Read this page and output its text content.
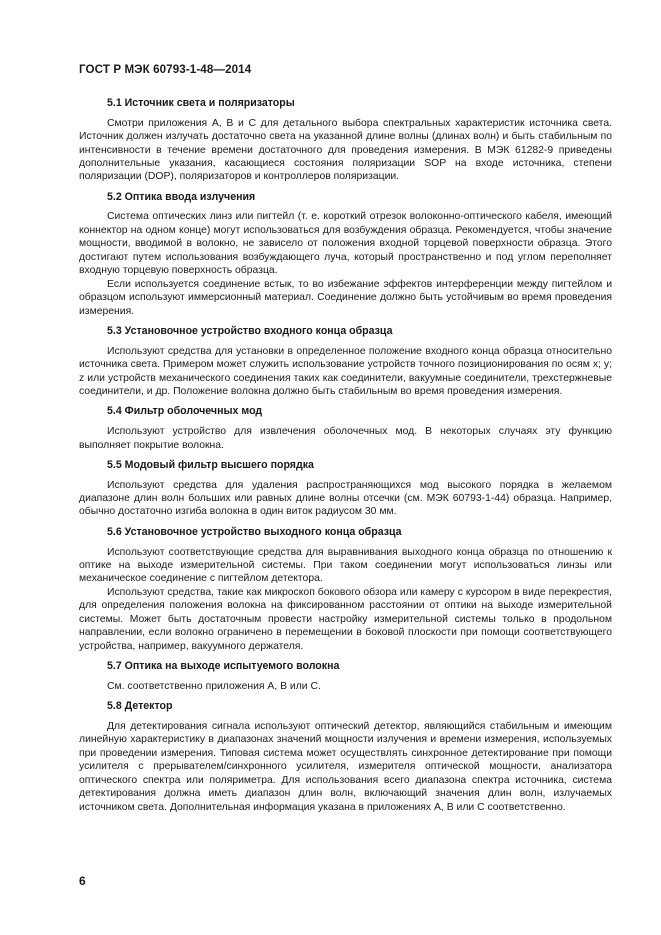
ГОСТ Р МЭК 60793-1-48—2014
5.1 Источник света и поляризаторы

Смотри приложения А, В и С для детального выбора спектральных характеристик источника света. Источник должен излучать достаточно света на указанной длине волны (длинах волн) и быть стабильным по интенсивности в течение времени достаточного для проведения измерения. В МЭК 61282-9 приведены дополнительные указания, касающиеся состояния поляризации SOP на входе источника, степени поляризации (DOP), поляризаторов и контроллеров поляризации.

5.2 Оптика ввода излучения

Система оптических линз или пигтейл (т. е. короткий отрезок волоконно-оптического кабеля, имеющий коннектор на одном конце) могут использоваться для возбуждения образца. Рекомендуется, чтобы значение мощности, вводимой в волокно, не зависело от положения входной торцевой поверхности образца. Этого достигают путем использования возбуждающего луча, который пространственно и под углом переполняет входную торцевую поверхность образца.

Если используется соединение встык, то во избежание эффектов интерференции между пигтейлом и образцом используют иммерсионный материал. Соединение должно быть устойчивым во время проведения измерения.

5.3 Установочное устройство входного конца образца

Используют средства для установки в определенное положение входного конца образца относительно источника света. Примером может служить использование устройств точного позиционирования по осям x; y; z или устройств механического соединения таких как соединители, вакуумные соединители, трехстержневые соединители, и др. Положение волокна должно быть стабильным во время проведения измерения.

5.4 Фильтр оболочечных мод

Используют устройство для извлечения оболочечных мод. В некоторых случаях эту функцию выполняет покрытие волокна.

5.5 Модовый фильтр высшего порядка

Используют средства для удаления распространяющихся мод высокого порядка в желаемом диапазоне длин волн больших или равных длине волны отсечки (см. МЭК 60793-1-44) образца. Например, обычно достаточно изгиба волокна в один виток радиусом 30 мм.

5.6 Установочное устройство выходного конца образца

Используют соответствующие средства для выравнивания выходного конца образца по отношению к оптике на выходе измерительной системы. При таком соединении могут использоваться линзы или механическое соединение с пигтейлом детектора.

Используют средства, такие как микроскоп бокового обзора или камеру с курсором в виде перекрестия, для определения положения волокна на фиксированном расстоянии от оптики на выходе измерительной системы. Может быть достаточным провести настройку измерительной системы только в продольном направлении, если волокно ограничено в перемещении в боковой плоскости при помощи соответствующего устройства, например, вакуумного держателя.

5.7 Оптика на выходе испытуемого волокна

См. соответственно приложения А, В или С.

5.8 Детектор

Для детектирования сигнала используют оптический детектор, являющийся стабильным и имеющим линейную характеристику в диапазонах значений мощности излучения и времени измерения, используемых при проведении измерения. Типовая система может осуществлять синхронное детектирование при помощи усилителя с прерывателем/синхронного усилителя, измерителя оптической мощности, анализатора оптического спектра или поляриметра. Для использования всего диапазона спектра источника, система детектирования должна иметь диапазон длин волн, включающий значения длин волн, излучаемых источником света. Дополнительная информация указана в приложениях А, В или С соответственно.

6
